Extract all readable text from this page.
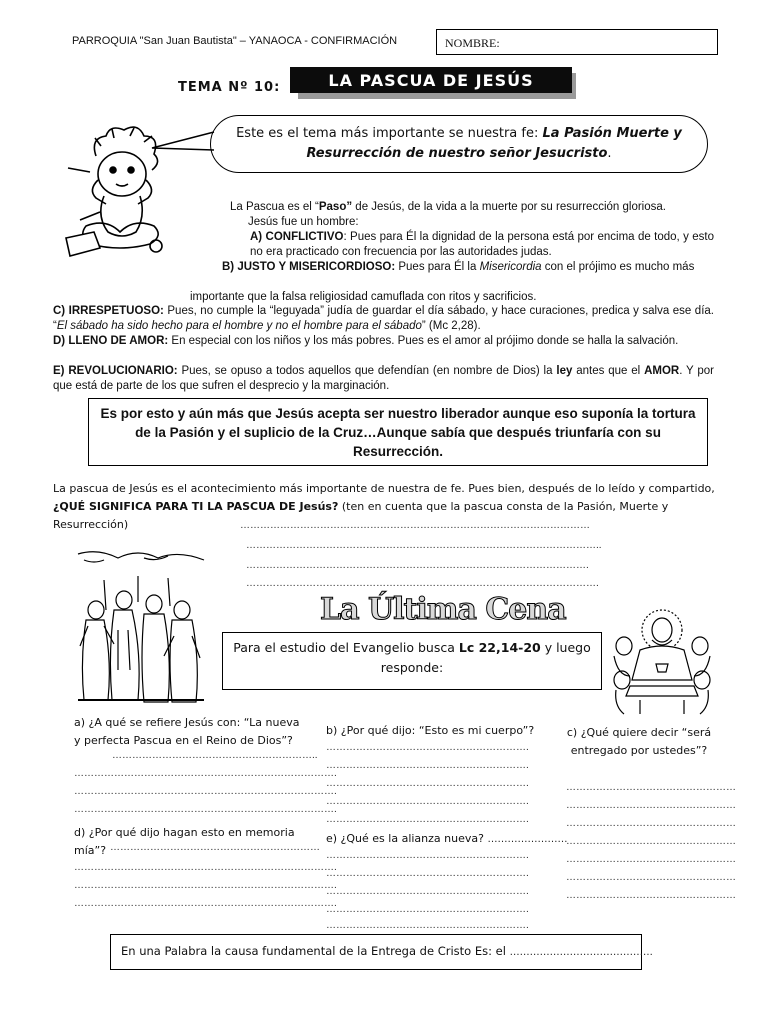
PARROQUIA "San Juan Bautista" – YANAOCA - CONFIRMACIÓN	NOMBRE:
TEMA Nº 10:	LA PASCUA DE JESÚS
Este es el tema más importante se nuestra fe: La Pasión Muerte y Resurrección de nuestro señor Jesucristo.
La Pascua es el “Paso” de Jesús, de la vida a la muerte por su resurrección gloriosa.
Jesús fue un hombre:
A) CONFLICTIVO: Pues para Él la dignidad de la persona está por encima de todo, y esto no era practicado con frecuencia por las autoridades judas.
B) JUSTO Y MISERICORDIOSO: Pues para Él la Misericordia con el prójimo es mucho más
importante que la falsa religiosidad camuflada con ritos y sacrificios.
C) IRRESPETUOSO: Pues, no cumple la “leguyada” judía de guardar el día sábado, y hace curaciones, predica y salva ese día. “El sábado ha sido hecho para el hombre y no el hombre para el sábado” (Mc 2,28).
D) LLENO DE AMOR: En especial con los niños y los más pobres. Pues es el amor al prójimo donde se halla la salvación.
E) REVOLUCIONARIO: Pues, se opuso a todos aquellos que defendían (en nombre de Dios) la ley antes que el AMOR. Y por que está de parte de los que sufren el desprecio y la marginación.
Es por esto y aún más que Jesús acepta ser nuestro liberador aunque eso suponía la tortura de la Pasión y el suplicio de la Cruz…Aunque sabía que después triunfaría con su Resurrección.
La pascua de Jesús es el acontecimiento más importante de nuestra de fe. Pues bien, después de lo leído y compartido, ¿QUÉ SIGNIFICA PARA TI LA PASCUA DE Jesús? (ten en cuenta que la pascua consta de la Pasión, Muerte y Resurrección)	……………………………………………………………………………………………
……………………………………………………………………………………………..
………………………………………………………………………………………….
…………………………………………………………………………………………….
La Última Cena
Para el estudio del Evangelio busca Lc 22,14-20 y luego responde:
a) ¿A qué se refiere Jesús con: “La nueva y perfecta Pascua en el Reino de Dios”?
……………………………………………………..
…………………………………………………………………….
…………………………………………………………………….
…………………………………………………………………….
d) ¿Por qué dijo hagan esto en memoria mía”? ………………………………………………………
…………………………………………………………………….
…………………………………………………………………….
…………………………………………………………………….
b) ¿Por qué dijo: “Esto es mi cuerpo”?
…………………………………………………….
…………………………………………………….
…………………………………………………….
…………………………………………………….
…………………………………………………….
e) ¿Qué es la alianza nueva? ……………………
…………………………………………………….
…………………………………………………….
…………………………………………………….
…………………………………………………….
…………………………………………………….
c) ¿Qué quiere decir “será entregado por ustedes”?
……………………………………………
……………………………………………
……………………………………………
……………………………………………
……………………………………………
……………………………………………
……………………………………………
En una Palabra la causa fundamental de la Entrega de Cristo Es: el …………………………………….
